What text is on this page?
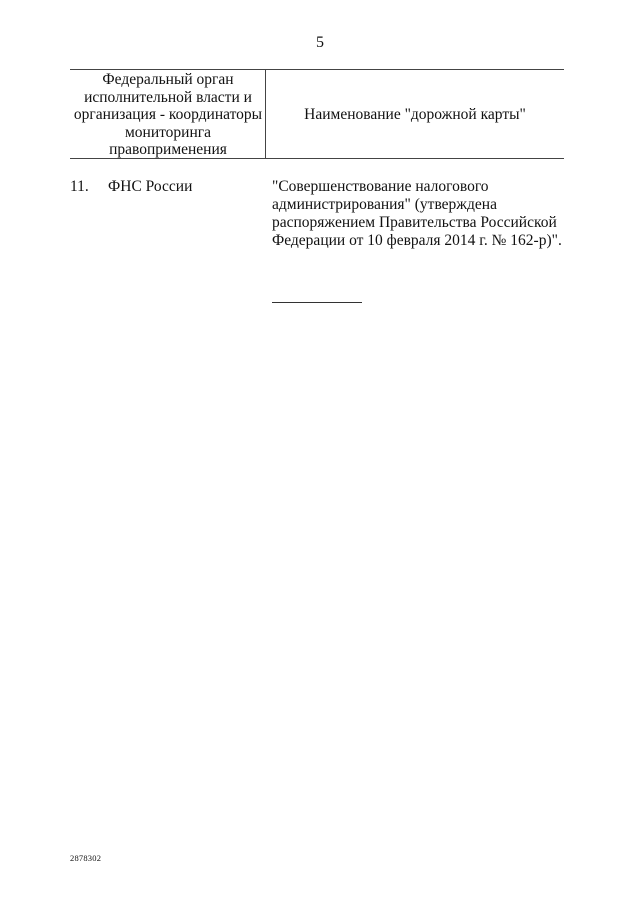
5
Федеральный орган исполнительной власти и организация - координаторы мониторинга правоприменения
Наименование "дорожной карты"
11. ФНС России	"Совершенствование налогового администрирования" (утверждена распоряжением Правительства Российской Федерации от 10 февраля 2014 г. № 162-р)".
2878302
